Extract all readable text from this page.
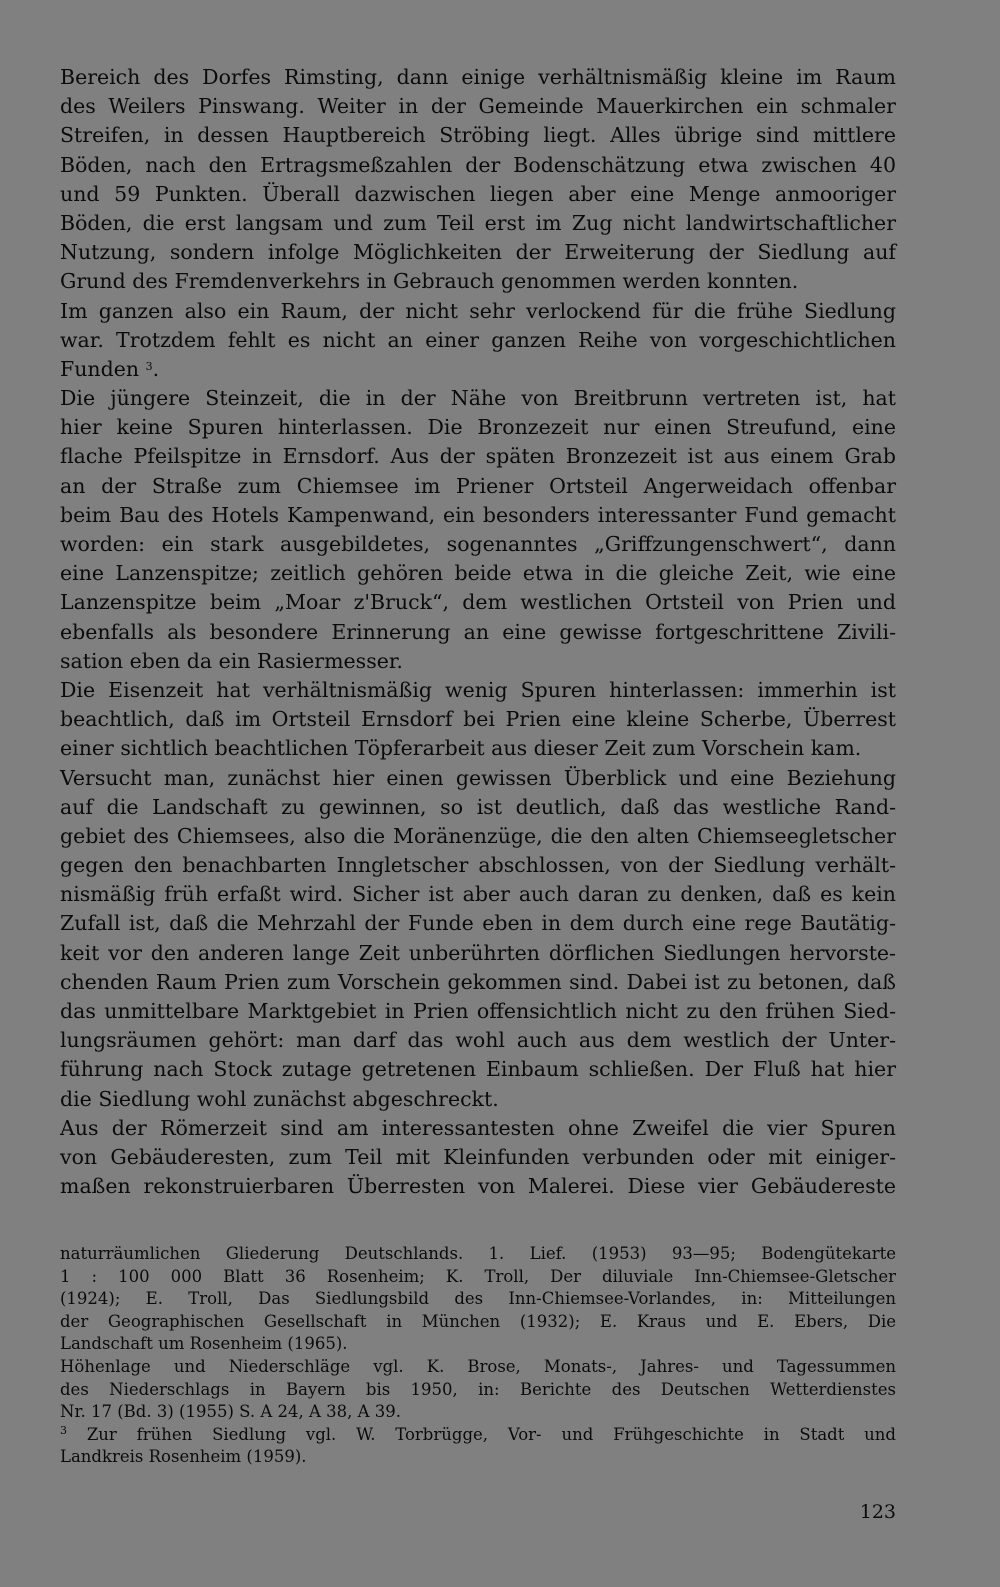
Bereich des Dorfes Rimsting, dann einige verhältnismäßig kleine im Raum
des Weilers Pinswang. Weiter in der Gemeinde Mauerkirchen ein schmaler
Streifen, in dessen Hauptbereich Ströbing liegt. Alles übrige sind mittlere
Böden, nach den Ertragsmeßzahlen der Bodenschätzung etwa zwischen 40
und 59 Punkten. Überall dazwischen liegen aber eine Menge anmooriger
Böden, die erst langsam und zum Teil erst im Zug nicht landwirtschaftlicher
Nutzung, sondern infolge Möglichkeiten der Erweiterung der Siedlung auf
Grund des Fremdenverkehrs in Gebrauch genommen werden konnten.
Im ganzen also ein Raum, der nicht sehr verlockend für die frühe Siedlung
war. Trotzdem fehlt es nicht an einer ganzen Reihe von vorgeschichtlichen
Funden $^3$.
Die jüngere Steinzeit, die in der Nähe von Breitbrunn vertreten ist, hat
hier keine Spuren hinterlassen. Die Bronzezeit nur einen Streufund, eine
flache Pfeilspitze in Ernsdorf. Aus der späten Bronzezeit ist aus einem Grab
an der Straße zum Chiemsee im Priener Ortsteil Angerweidach offenbar
beim Bau des Hotels Kampenwand, ein besonders interessanter Fund gemacht
worden: ein stark ausgebildetes, sogenanntes „Griffzungenschwert“, dann
eine Lanzenspitze; zeitlich gehören beide etwa in die gleiche Zeit, wie eine
Lanzenspitze beim „Moar z'Bruck“, dem westlichen Ortsteil von Prien und
ebenfalls als besondere Erinnerung an eine gewisse fortgeschrittene Zivili-
sation eben da ein Rasiermesser.
Die Eisenzeit hat verhältnismäßig wenig Spuren hinterlassen: immerhin ist
beachtlich, daß im Ortsteil Ernsdorf bei Prien eine kleine Scherbe, Überrest
einer sichtlich beachtlichen Töpferarbeit aus dieser Zeit zum Vorschein kam.
Versucht man, zunächst hier einen gewissen Überblick und eine Beziehung
auf die Landschaft zu gewinnen, so ist deutlich, daß das westliche Rand-
gebiet des Chiemsees, also die Moränenzüge, die den alten Chiemseegletscher
gegen den benachbarten Inngletscher abschlossen, von der Siedlung verhält-
nismäßig früh erfaßt wird. Sicher ist aber auch daran zu denken, daß es kein
Zufall ist, daß die Mehrzahl der Funde eben in dem durch eine rege Bautätig-
keit vor den anderen lange Zeit unberührten dörflichen Siedlungen hervorste-
chenden Raum Prien zum Vorschein gekommen sind. Dabei ist zu betonen, daß
das unmittelbare Marktgebiet in Prien offensichtlich nicht zu den frühen Sied-
lungsräumen gehört: man darf das wohl auch aus dem westlich der Unter-
führung nach Stock zutage getretenen Einbaum schließen. Der Fluß hat hier
die Siedlung wohl zunächst abgeschreckt.
Aus der Römerzeit sind am interessantesten ohne Zweifel die vier Spuren
von Gebäuderesten, zum Teil mit Kleinfunden verbunden oder mit einiger-
maßen rekonstruierbaren Überresten von Malerei. Diese vier Gebäudereste
naturräumlichen Gliederung Deutschlands. 1. Lief. (1953) 93—95; Bodengütekarte
1 : 100 000 Blatt 36 Rosenheim; K. Troll, Der diluviale Inn-Chiemsee-Gletscher
(1924); E. Troll, Das Siedlungsbild des Inn-Chiemsee-Vorlandes, in: Mitteilungen
der Geographischen Gesellschaft in München (1932); E. Kraus und E. Ebers, Die
Landschaft um Rosenheim (1965).
Höhenlage und Niederschläge vgl. K. Brose, Monats-, Jahres- und Tagessummen
des Niederschlags in Bayern bis 1950, in: Berichte des Deutschen Wetterdienstes
Nr. 17 (Bd. 3) (1955) S. A 24, A 38, A 39.
$^3$ Zur frühen Siedlung vgl. W. Torbrügge, Vor- und Frühgeschichte in Stadt und
Landkreis Rosenheim (1959).
123
